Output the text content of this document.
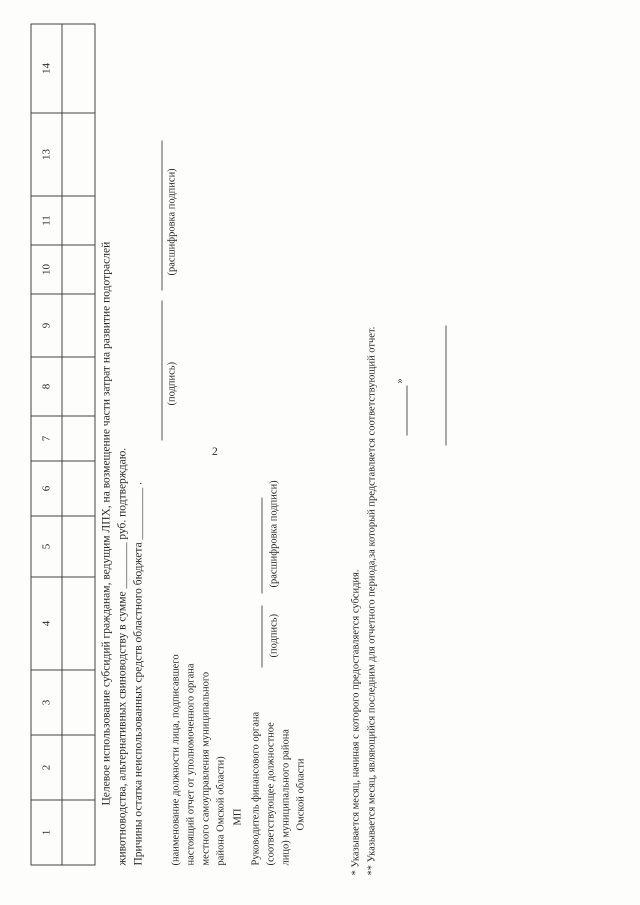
1	2	3	4	5	6	7	8	9	10	11	13	14

Целевое использование субсидий гражданам, ведущим ЛПХ, на возмещение части затрат на развитие подотраслей животноводства, альтернативных свиноводству в сумме ________ руб. подтверждаю. Причины остатка неиспользованных средств областного бюджета _________ . (наименование должности лица, подписавшего настоящий отчет от уполномоченного органа местного самоуправления муниципального района Омской области)
(подпись)
(расшифровка подписи)
МП Руководитель финансового органа (соответствующее должностное лицо) муниципального района Омской области
(подпись)
(расшифровка подписи)
»
* Указывается месяц, начиная с которого предоставляется субсидия. ** Указывается месяц, являющийся последним для отчетного периода,за который представляется соответствующий отчет.
2
